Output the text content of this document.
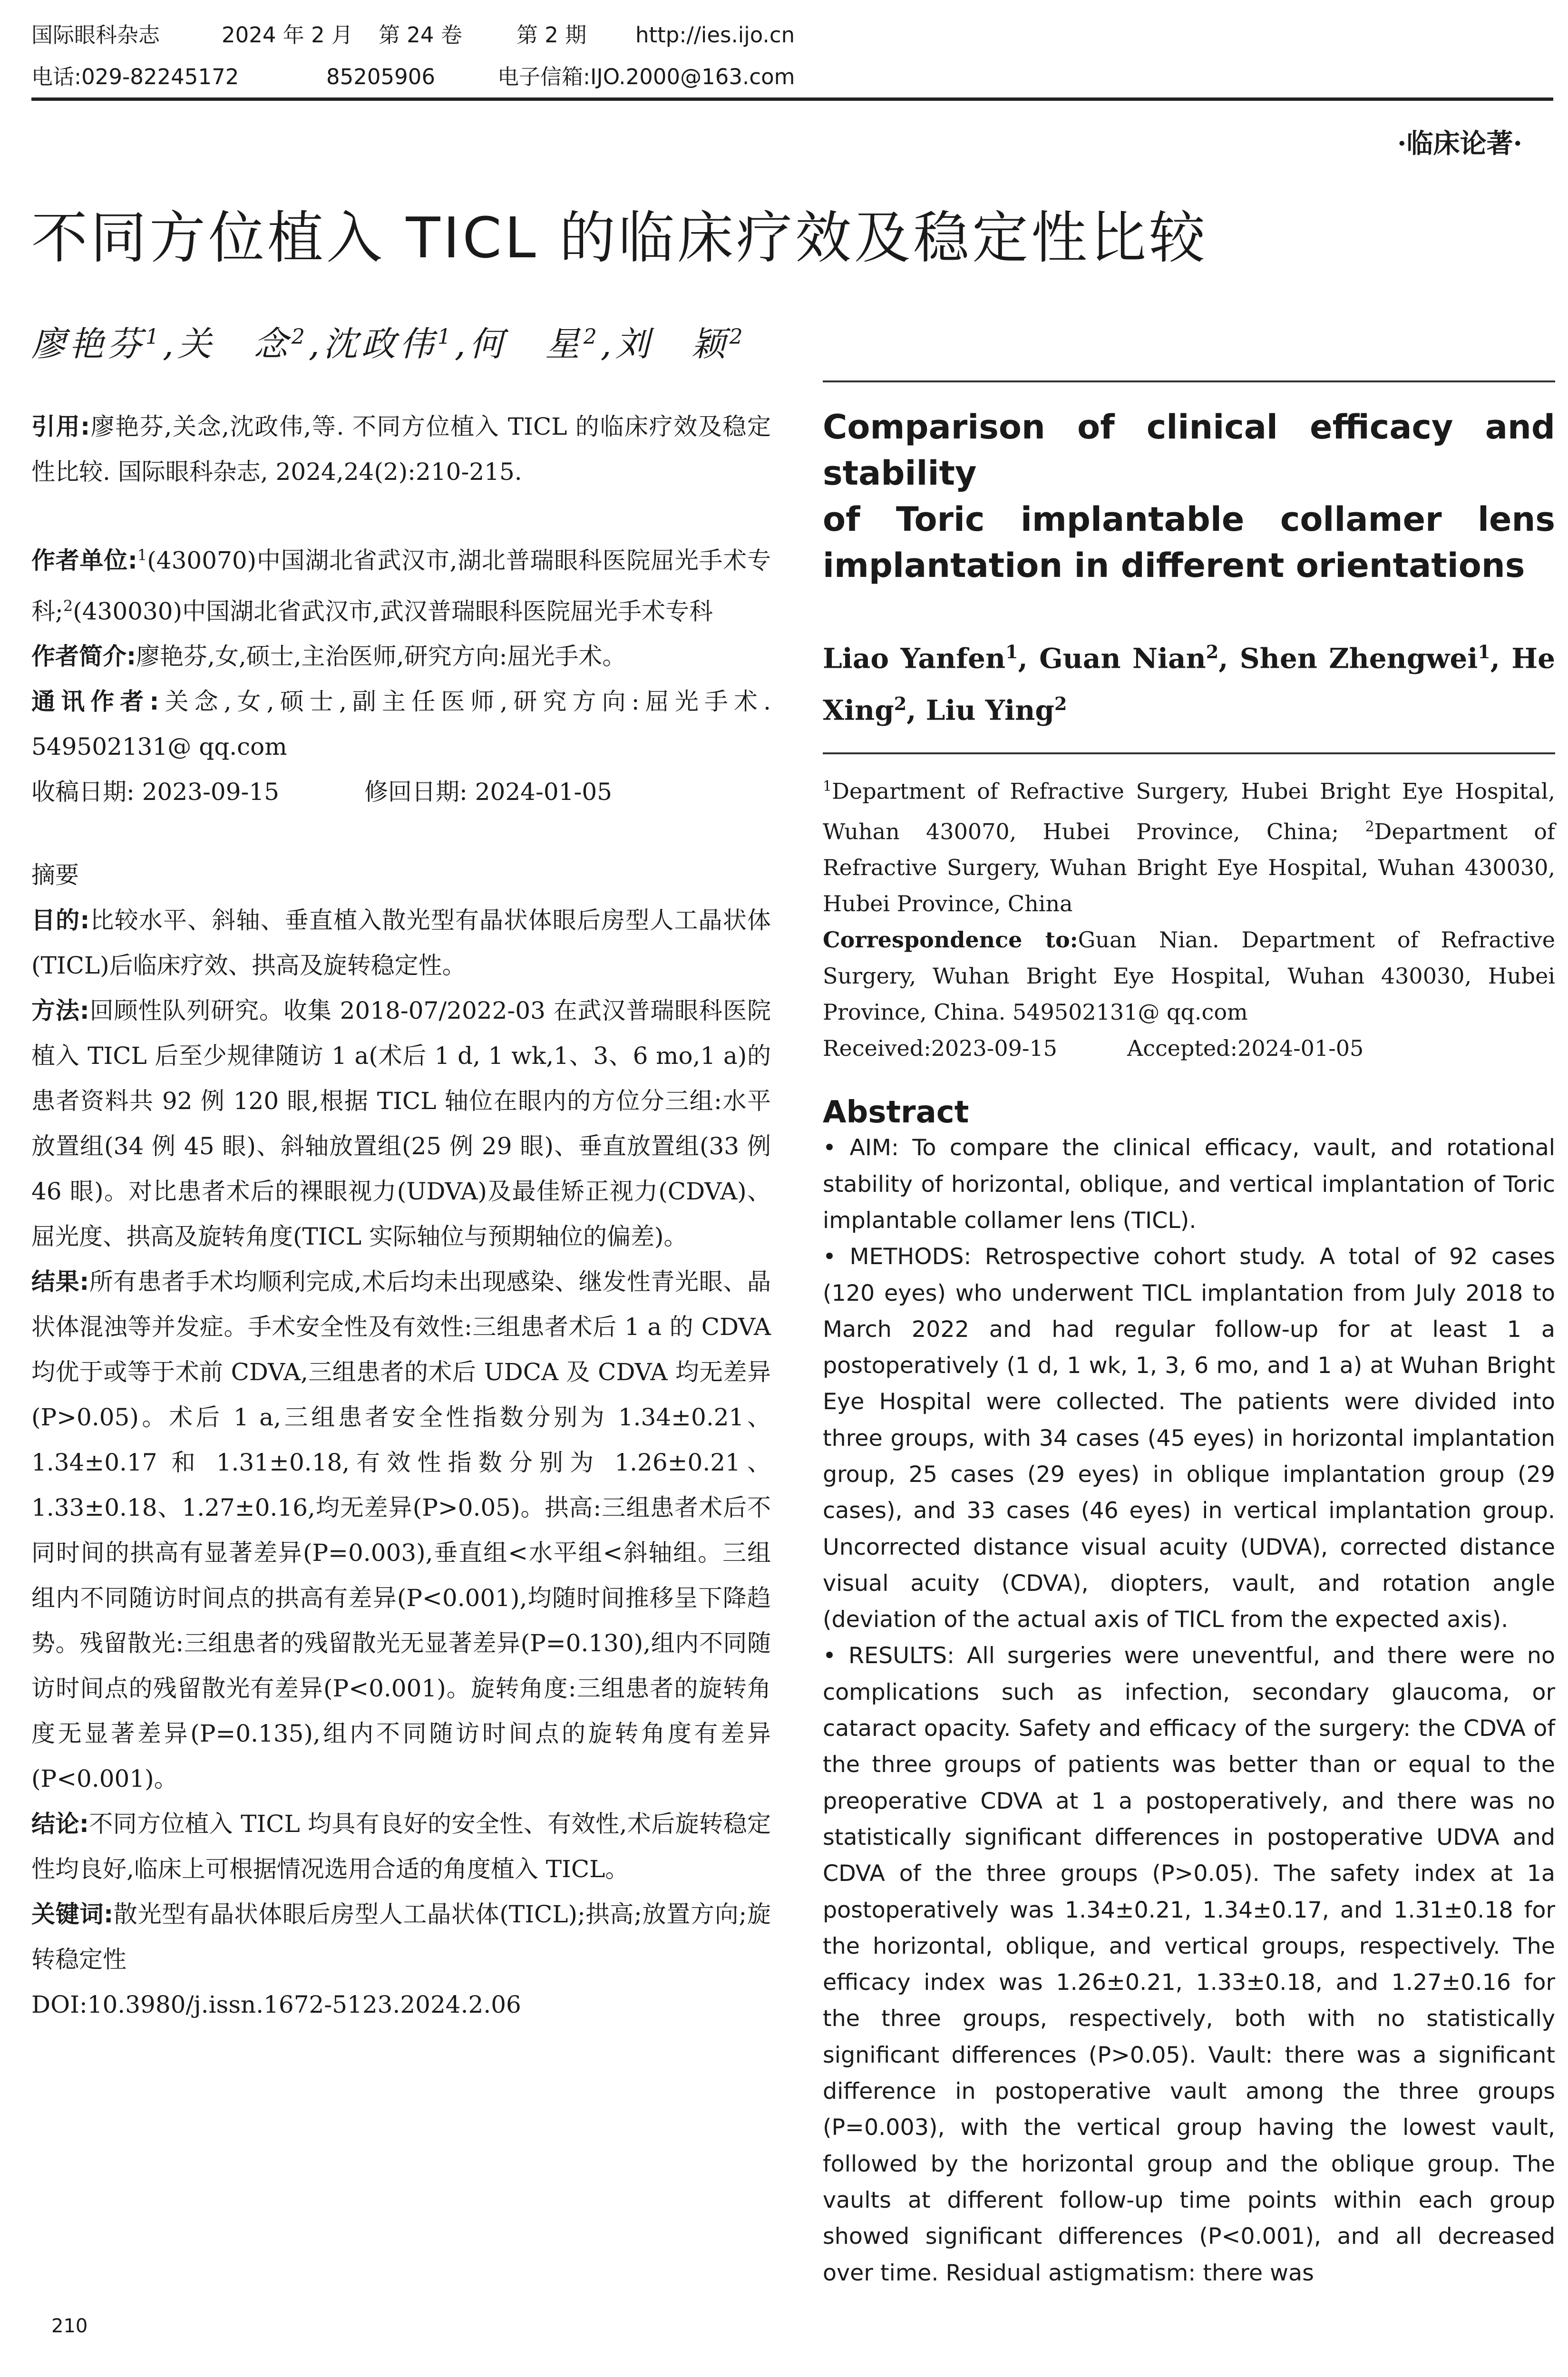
国际眼科杂志	2024 年 2 月 第 24 卷	第 2 期 http://ies.ijo.cn
电话:029-82245172	85205906	电子信箱:IJO.2000@163.com
·临床论著·
不同方位植入 TICL 的临床疗效及稳定性比较
廖艳芬$^1$,关　念$^2$,沈政伟$^1$,何　星$^2$,刘　颖$^2$

引用:廖艳芬,关念,沈政伟,等. 不同方位植入 TICL 的临床疗效及稳定性比较. 国际眼科杂志, 2024,24(2):210-215.

作者单位:$^1$(430070)中国湖北省武汉市,湖北普瑞眼科医院屈光手术专科;$^2$(430030)中国湖北省武汉市,武汉普瑞眼科医院屈光手术专科

作者简介:廖艳芬,女,硕士,主治医师,研究方向:屈光手术。

通讯作者:关念,女,硕士,副主任医师,研究方向:屈光手术. 549502131@ qq.com

收稿日期: 2023-09-15	修回日期: 2024-01-05

摘要

目的:比较水平、斜轴、垂直植入散光型有晶状体眼后房型人工晶状体(TICL)后临床疗效、拱高及旋转稳定性。

方法:回顾性队列研究。收集 2018-07/2022-03 在武汉普瑞眼科医院植入 TICL 后至少规律随访 1 a(术后 1 d, 1 wk,1、3、6 mo,1 a)的患者资料共 92 例 120 眼,根据 TICL 轴位在眼内的方位分三组:水平放置组(34 例 45 眼)、斜轴放置组(25 例 29 眼)、垂直放置组(33 例 46 眼)。对比患者术后的裸眼视力(UDVA)及最佳矫正视力(CDVA)、屈光度、拱高及旋转角度(TICL 实际轴位与预期轴位的偏差)。

结果:所有患者手术均顺利完成,术后均未出现感染、继发性青光眼、晶状体混浊等并发症。手术安全性及有效性:三组患者术后 1 a 的 CDVA 均优于或等于术前 CDVA,三组患者的术后 UDCA 及 CDVA 均无差异(P>0.05)。术后 1 a,三组患者安全性指数分别为 1.34±0.21、1.34±0.17 和 1.31±0.18,有效性指数分别为 1.26±0.21、1.33±0.18、1.27±0.16,均无差异(P>0.05)。拱高:三组患者术后不同时间的拱高有显著差异(P=0.003),垂直组<水平组<斜轴组。三组组内不同随访时间点的拱高有差异(P<0.001),均随时间推移呈下降趋势。残留散光:三组患者的残留散光无显著差异(P=0.130),组内不同随访时间点的残留散光有差异(P<0.001)。旋转角度:三组患者的旋转角度无显著差异(P=0.135),组内不同随访时间点的旋转角度有差异(P<0.001)。

结论:不同方位植入 TICL 均具有良好的安全性、有效性,术后旋转稳定性均良好,临床上可根据情况选用合适的角度植入 TICL。

关键词:散光型有晶状体眼后房型人工晶状体(TICL);拱高;放置方向;旋转稳定性

DOI:10.3980/j.issn.1672-5123.2024.2.06

Comparison of clinical efficacy and stability

of Toric implantable collamer lens

implantation in different orientations

Liao Yanfen$^1$, Guan Nian$^2$, Shen Zhengwei$^1$, He Xing$^2$, Liu Ying$^2$

$^1$Department of Refractive Surgery, Hubei Bright Eye Hospital, Wuhan 430070, Hubei Province, China; $^2$Department of Refractive Surgery, Wuhan Bright Eye Hospital, Wuhan 430030, Hubei Province, China

Correspondence to:Guan Nian. Department of Refractive Surgery, Wuhan Bright Eye Hospital, Wuhan 430030, Hubei Province, China. 549502131@ qq.com

Received:2023-09-15	Accepted:2024-01-05

Abstract

• AIM: To compare the clinical efficacy, vault, and rotational stability of horizontal, oblique, and vertical implantation of Toric implantable collamer lens (TICL).

• METHODS: Retrospective cohort study. A total of 92 cases (120 eyes) who underwent TICL implantation from July 2018 to March 2022 and had regular follow-up for at least 1 a postoperatively (1 d, 1 wk, 1, 3, 6 mo, and 1 a) at Wuhan Bright Eye Hospital were collected. The patients were divided into three groups, with 34 cases (45 eyes) in horizontal implantation group, 25 cases (29 eyes) in oblique implantation group (29 cases), and 33 cases (46 eyes) in vertical implantation group. Uncorrected distance visual acuity (UDVA), corrected distance visual acuity (CDVA), diopters, vault, and rotation angle (deviation of the actual axis of TICL from the expected axis).

• RESULTS: All surgeries were uneventful, and there were no complications such as infection, secondary glaucoma, or cataract opacity. Safety and efficacy of the surgery: the CDVA of the three groups of patients was better than or equal to the preoperative CDVA at 1 a postoperatively, and there was no statistically significant differences in postoperative UDVA and CDVA of the three groups (P>0.05). The safety index at 1a postoperatively was 1.34±0.21, 1.34±0.17, and 1.31±0.18 for the horizontal, oblique, and vertical groups, respectively. The efficacy index was 1.26±0.21, 1.33±0.18, and 1.27±0.16 for the three groups, respectively, both with no statistically significant differences (P>0.05). Vault: there was a significant difference in postoperative vault among the three groups (P=0.003), with the vertical group having the lowest vault, followed by the horizontal group and the oblique group. The vaults at different follow-up time points within each group showed significant differences (P<0.001), and all decreased over time. Residual astigmatism: there was

210
